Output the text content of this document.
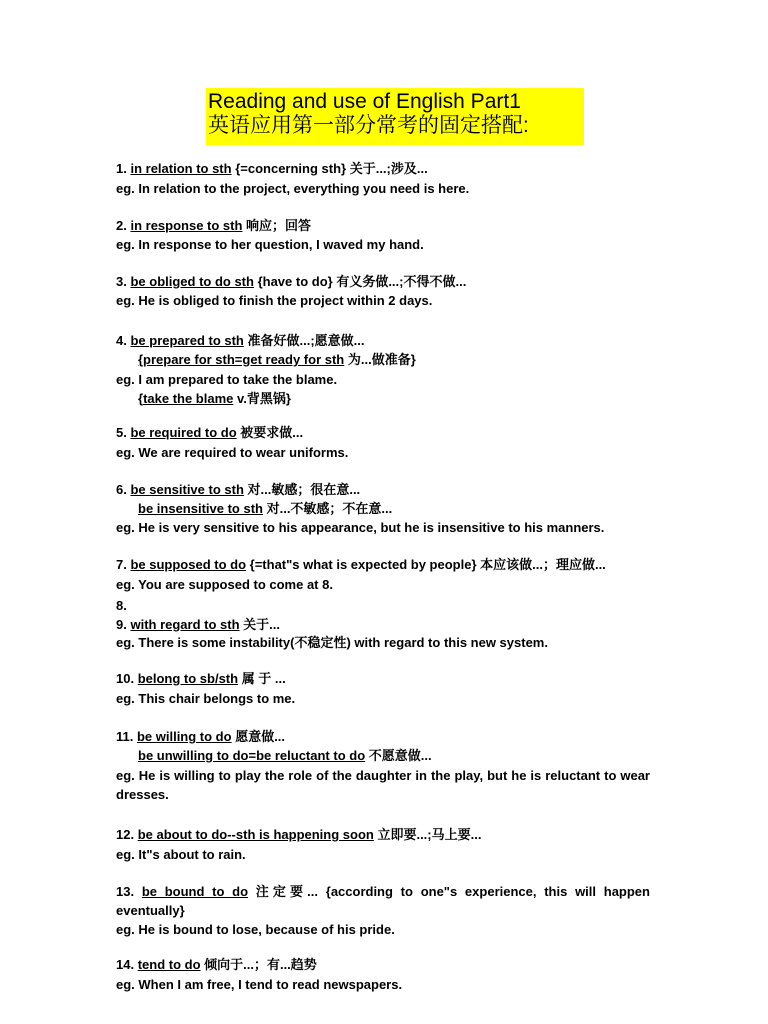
Reading and use of English Part1
英语应用第一部分常考的固定搭配:
1. in relation to sth {=concerning sth} 关于...;涉及...
eg. In relation to the project, everything you need is here.
2. in response to sth 响应；回答
eg. In response to her question, I waved my hand.
3. be obliged to do sth {have to do} 有义务做...;不得不做...
eg. He is obliged to finish the project within 2 days.
4. be prepared to sth 准备好做...;愿意做...
{prepare for sth=get ready for sth 为...做准备}
eg. I am prepared to take the blame.
{take the blame v.背黑锅}
5. be required to do 被要求做...
eg. We are required to wear uniforms.
6. be sensitive to sth 对...敏感；很在意...
be insensitive to sth 对...不敏感；不在意...
eg. He is very sensitive to his appearance, but he is insensitive to his manners.
7. be supposed to do {=that"s what is expected by people} 本应该做...；理应做...
eg. You are supposed to come at 8.
8.
9. with regard to sth 关于...
eg. There is some instability(不稳定性) with regard to this new system.
10. belong to sb/sth 属 于 ...
eg. This chair belongs to me.
11. be willing to do 愿意做...
be unwilling to do=be reluctant to do 不愿意做...
eg. He is willing to play the role of the daughter in the play, but he is reluctant to wear dresses.
12. be about to do--sth is happening soon 立即要...;马上要...
eg. It"s about to rain.
13. be bound to do 注定要... {according to one"s experience, this will happen eventually}
eg. He is bound to lose, because of his pride.
14. tend to do 倾向于...；有...趋势
eg. When I am free, I tend to read newspapers.
